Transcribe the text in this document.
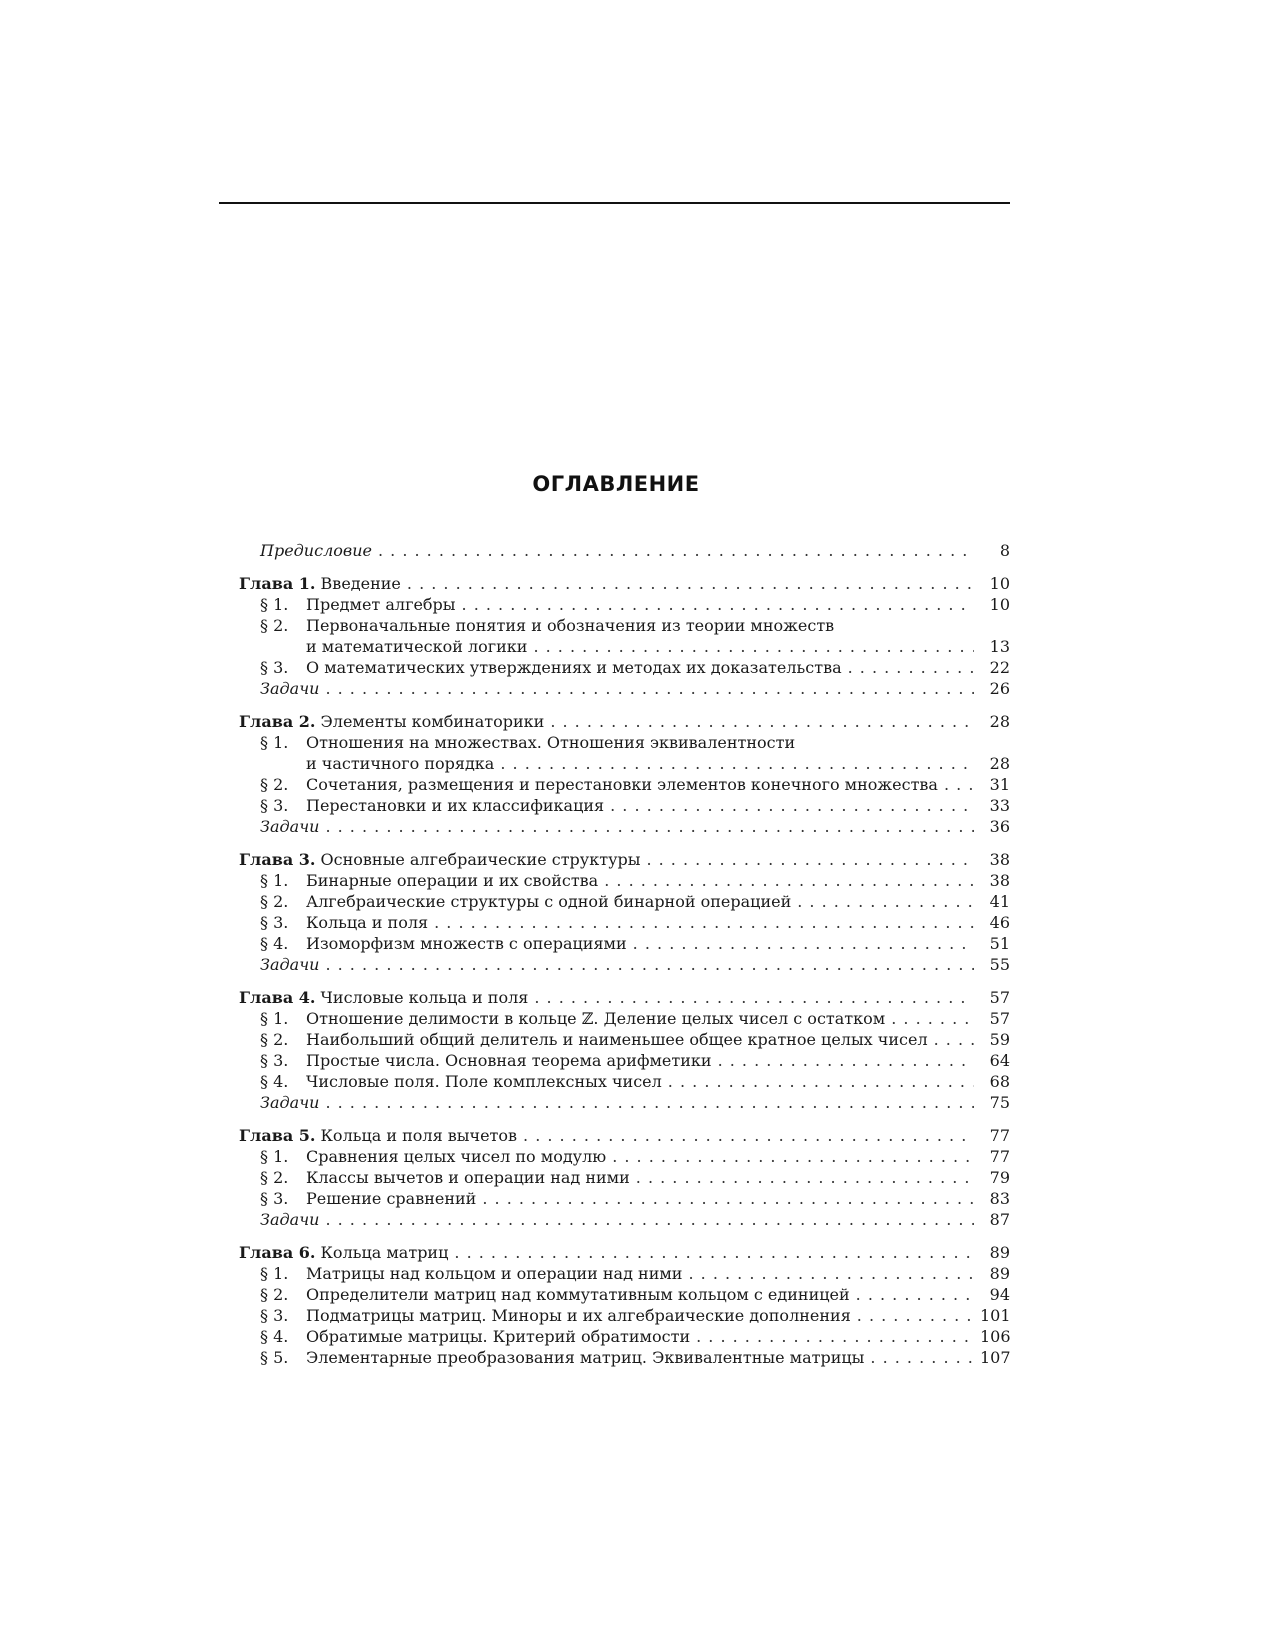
ОГЛАВЛЕНИЕ
Предисловие . . .	8
Глава 1. Введение . . .	10
§ 1.	Предмет алгебры . . .	10
§ 2.	Первоначальные понятия и обозначения из теории множеств
и математической логики . . .	13
§ 3.	О математических утверждениях и методах их доказательства . . .	22
Задачи . . .	26
Глава 2. Элементы комбинаторики . . .	28
§ 1.	Отношения на множествах. Отношения эквивалентности
и частичного порядка . . .	28
§ 2.	Сочетания, размещения и перестановки элементов конечного множества . . .	31
§ 3.	Перестановки и их классификация . . .	33
Задачи . . .	36
Глава 3. Основные алгебраические структуры . . .	38
§ 1.	Бинарные операции и их свойства . . .	38
§ 2.	Алгебраические структуры с одной бинарной операцией . . .	41
§ 3.	Кольца и поля . . .	46
§ 4.	Изоморфизм множеств с операциями . . .	51
Задачи . . .	55
Глава 4. Числовые кольца и поля . . .	57
§ 1.	Отношение делимости в кольце ℤ. Деление целых чисел с остатком . . .	57
§ 2.	Наибольший общий делитель и наименьшее общее кратное целых чисел . . .	59
§ 3.	Простые числа. Основная теорема арифметики . . .	64
§ 4.	Числовые поля. Поле комплексных чисел . . .	68
Задачи . . .	75
Глава 5. Кольца и поля вычетов . . .	77
§ 1.	Сравнения целых чисел по модулю . . .	77
§ 2.	Классы вычетов и операции над ними . . .	79
§ 3.	Решение сравнений . . .	83
Задачи . . .	87
Глава 6. Кольца матриц . . .	89
§ 1.	Матрицы над кольцом и операции над ними . . .	89
§ 2.	Определители матриц над коммутативным кольцом с единицей . . .	94
§ 3.	Подматрицы матриц. Миноры и их алгебраические дополнения . . .	101
§ 4.	Обратимые матрицы. Критерий обратимости . . .	106
§ 5.	Элементарные преобразования матриц. Эквивалентные матрицы . . .	107
